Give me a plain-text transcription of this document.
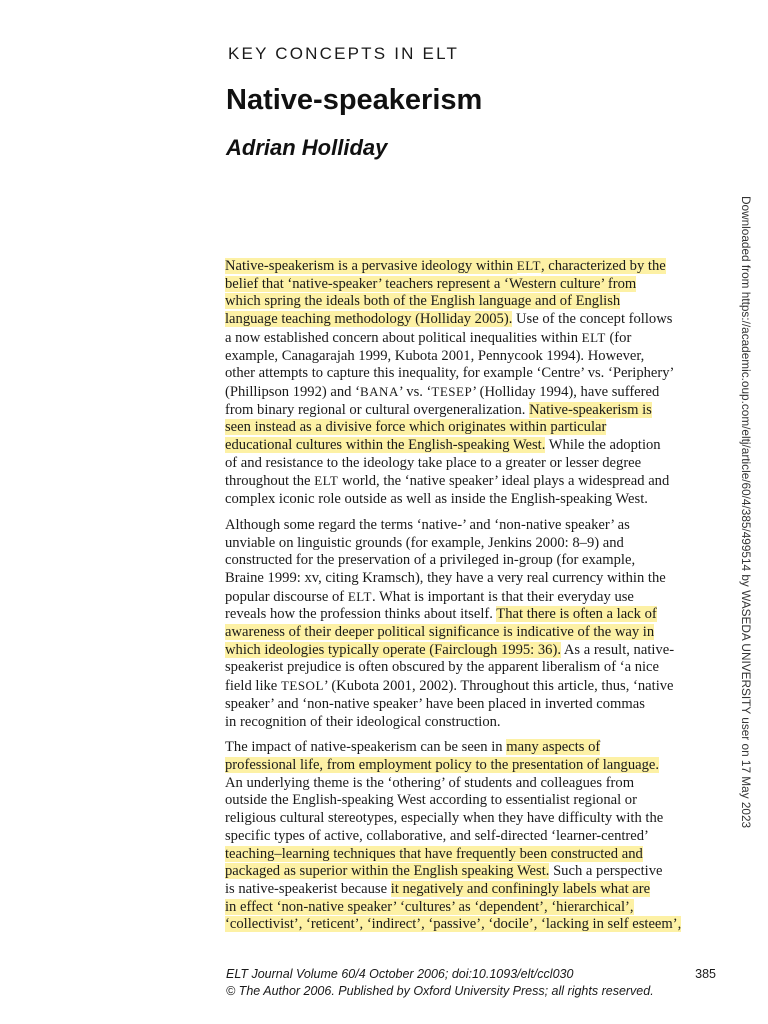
KEY CONCEPTS IN ELT
Native-speakerism
Adrian Holliday

Native-speakerism is a pervasive ideology within ELT, characterized by the
belief that ‘native-speaker’ teachers represent a ‘Western culture’ from
which spring the ideals both of the English language and of English
language teaching methodology (Holliday 2005). Use of the concept follows
a now established concern about political inequalities within ELT (for
example, Canagarajah 1999, Kubota 2001, Pennycook 1994). However,
other attempts to capture this inequality, for example ‘Centre’ vs. ‘Periphery’
(Phillipson 1992) and ‘BANA’ vs. ‘TESEP’ (Holliday 1994), have suffered
from binary regional or cultural overgeneralization. Native-speakerism is
seen instead as a divisive force which originates within particular
educational cultures within the English-speaking West. While the adoption
of and resistance to the ideology take place to a greater or lesser degree
throughout the ELT world, the ‘native speaker’ ideal plays a widespread and
complex iconic role outside as well as inside the English-speaking West.

Although some regard the terms ‘native-’ and ‘non-native speaker’ as
unviable on linguistic grounds (for example, Jenkins 2000: 8–9) and
constructed for the preservation of a privileged in-group (for example,
Braine 1999: xv, citing Kramsch), they have a very real currency within the
popular discourse of ELT. What is important is that their everyday use
reveals how the profession thinks about itself. That there is often a lack of
awareness of their deeper political significance is indicative of the way in
which ideologies typically operate (Fairclough 1995: 36). As a result, native-
speakerist prejudice is often obscured by the apparent liberalism of ‘a nice
field like TESOL’ (Kubota 2001, 2002). Throughout this article, thus, ‘native
speaker’ and ‘non-native speaker’ have been placed in inverted commas
in recognition of their ideological construction.

The impact of native-speakerism can be seen in many aspects of
professional life, from employment policy to the presentation of language.
An underlying theme is the ‘othering’ of students and colleagues from
outside the English-speaking West according to essentialist regional or
religious cultural stereotypes, especially when they have difficulty with the
specific types of active, collaborative, and self-directed ‘learner-centred’
teaching–learning techniques that have frequently been constructed and
packaged as superior within the English speaking West. Such a perspective
is native-speakerist because it negatively and confiningly labels what are
in effect ‘non-native speaker’ ‘cultures’ as ‘dependent’, ‘hierarchical’,
‘collectivist’, ‘reticent’, ‘indirect’, ‘passive’, ‘docile’, ‘lacking in self esteem’,

ELT Journal Volume 60/4 October 2006; doi:10.1093/elt/ccl030	385
© The Author 2006. Published by Oxford University Press; all rights reserved.
Downloaded from https://academic.oup.com/eltj/article/60/4/385/499514 by WASEDA UNIVERSITY user on 17 May 2023
